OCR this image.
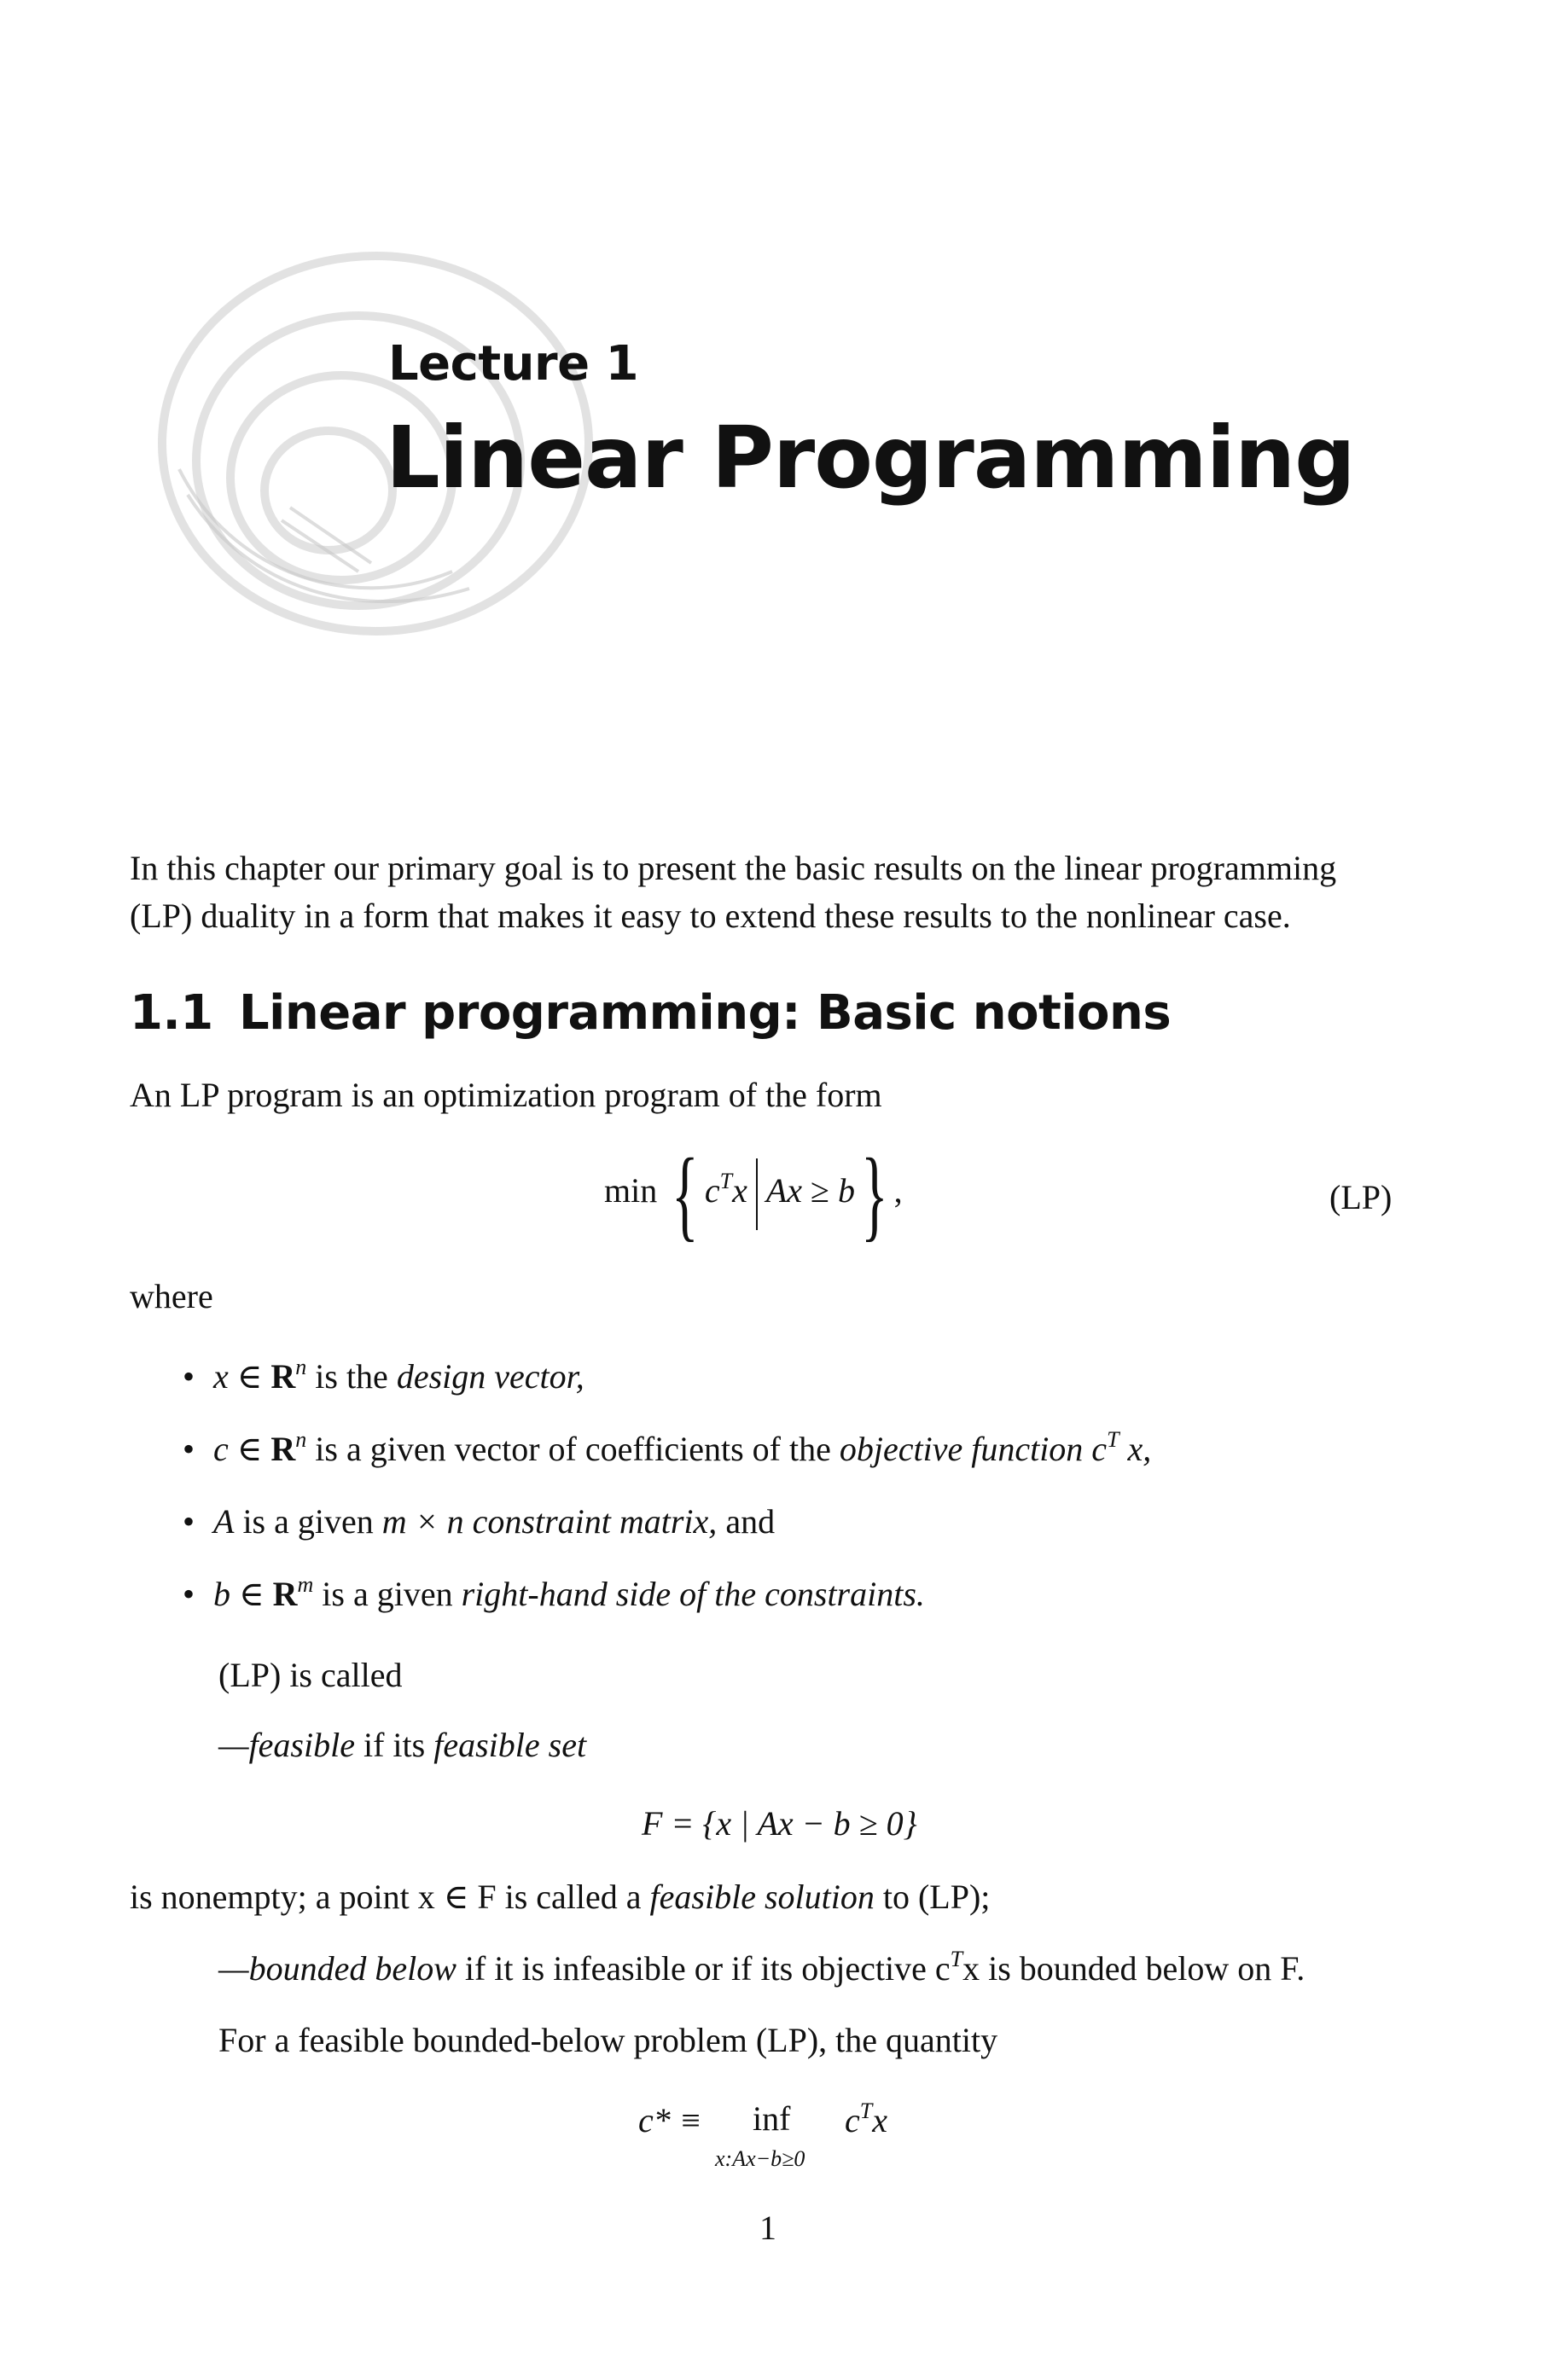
Lecture 1
Linear Programming
In this chapter our primary goal is to present the basic results on the linear programming
(LP) duality in a form that makes it easy to extend these results to the nonlinear case.
1.1 Linear programming: Basic notions
An LP program is an optimization program of the form
min { $c^Tx$ Ax ≥ b} ,	(LP)
where
• x ∈ $R^n$ is the design vector,
• c ∈ $R^n$ is a given vector of coefficients of the objective function $c^T$ x,
• A is a given m × n constraint matrix, and
• b ∈ $R^m$ is a given right-hand side of the constraints.
(LP) is called
—feasible if its feasible set
F = {x | Ax − b ≥ 0}
is nonempty; a point x ∈ F is called a feasible solution to (LP);
—bounded below if it is infeasible or if its objective $c^Tx$ is bounded below on F.
For a feasible bounded-below problem (LP), the quantity
c* ≡ inf
x:Ax−b≥0
$c^Tx$
1
